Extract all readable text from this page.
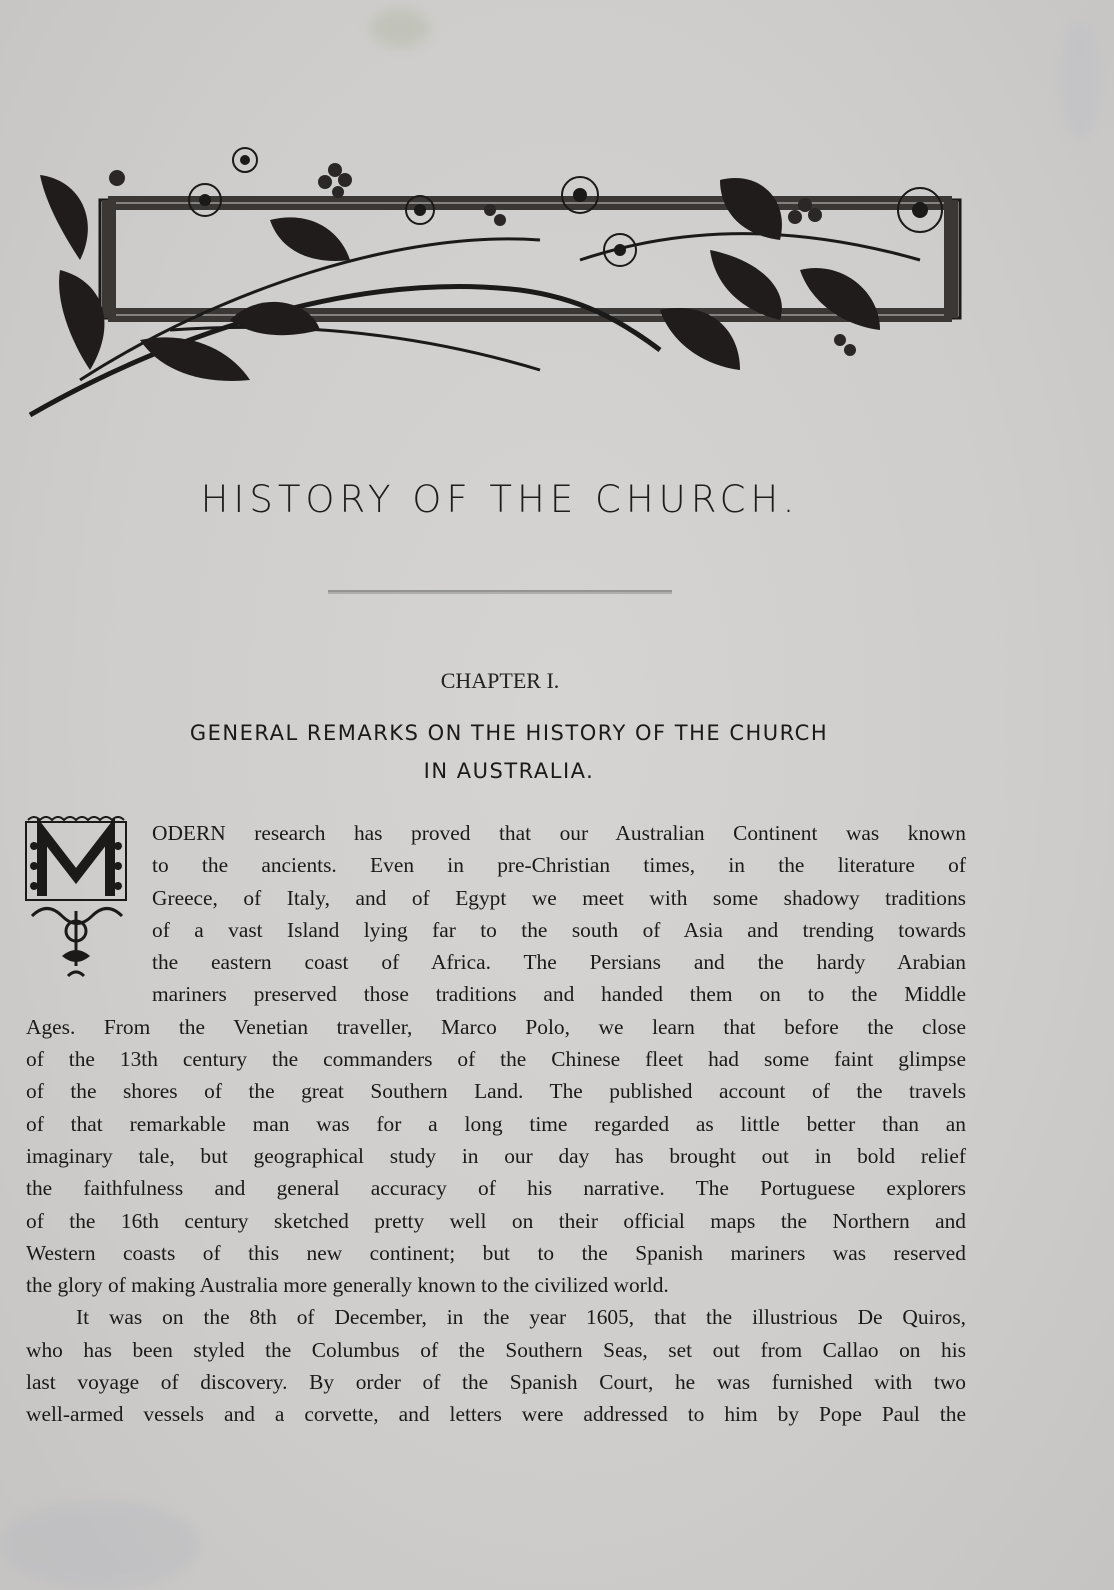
HISTORY OF THE CHURCH.
CHAPTER I.
GENERAL REMARKS ON THE HISTORY OF THE CHURCH
IN AUSTRALIA.
ODERN research has proved that our Australian Continent was known
to the ancients. Even in pre-Christian times, in the literature of
Greece, of Italy, and of Egypt we meet with some shadowy traditions
of a vast Island lying far to the south of Asia and trending towards
the eastern coast of Africa. The Persians and the hardy Arabian
mariners preserved those traditions and handed them on to the Middle
Ages. From the Venetian traveller, Marco Polo, we learn that before the close
of the 13th century the commanders of the Chinese fleet had some faint glimpse
of the shores of the great Southern Land. The published account of the travels
of that remarkable man was for a long time regarded as little better than an
imaginary tale, but geographical study in our day has brought out in bold relief
the faithfulness and general accuracy of his narrative. The Portuguese explorers
of the 16th century sketched pretty well on their official maps the Northern and
Western coasts of this new continent; but to the Spanish mariners was reserved
the glory of making Australia more generally known to the civilized world.
It was on the 8th of December, in the year 1605, that the illustrious De Quiros,
who has been styled the Columbus of the Southern Seas, set out from Callao on his
last voyage of discovery. By order of the Spanish Court, he was furnished with two
well-armed vessels and a corvette, and letters were addressed to him by Pope Paul the
